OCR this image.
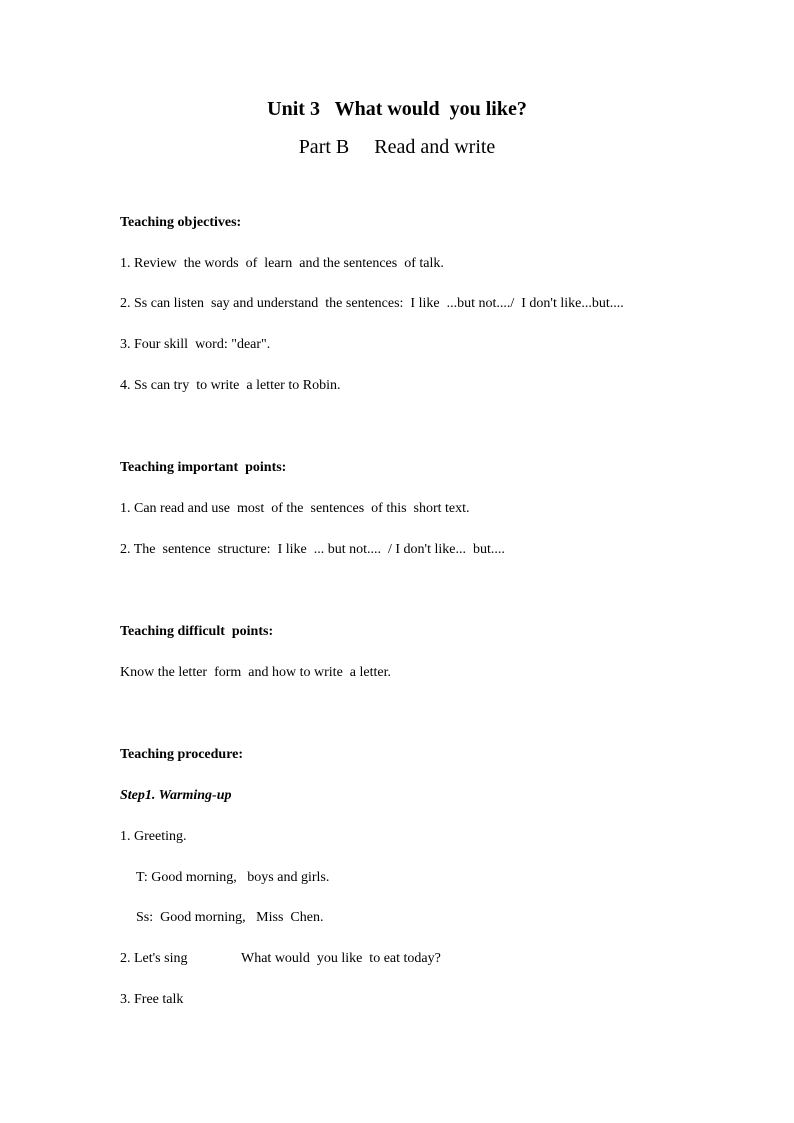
Unit 3   What would  you like?
Part B     Read and write
Teaching objectives:
1. Review  the words  of  learn  and the sentences  of talk.
2. Ss can listen  say and understand  the sentences:  I like  ...but not..../  I don't like...but....
3. Four skill  word: "dear".
4. Ss can try  to write  a letter to Robin.
Teaching important  points:
1. Can read and use  most  of the  sentences  of this  short text.
2. The  sentence  structure:  I like  ... but not....  / I don't like...  but....
Teaching difficult  points:
Know the letter  form  and how to write  a letter.
Teaching procedure:
Step1. Warming-up
1. Greeting.
T: Good morning,   boys and girls.
Ss:  Good morning,   Miss  Chen.
2. Let's sing	What would  you like  to eat today?
3. Free talk
